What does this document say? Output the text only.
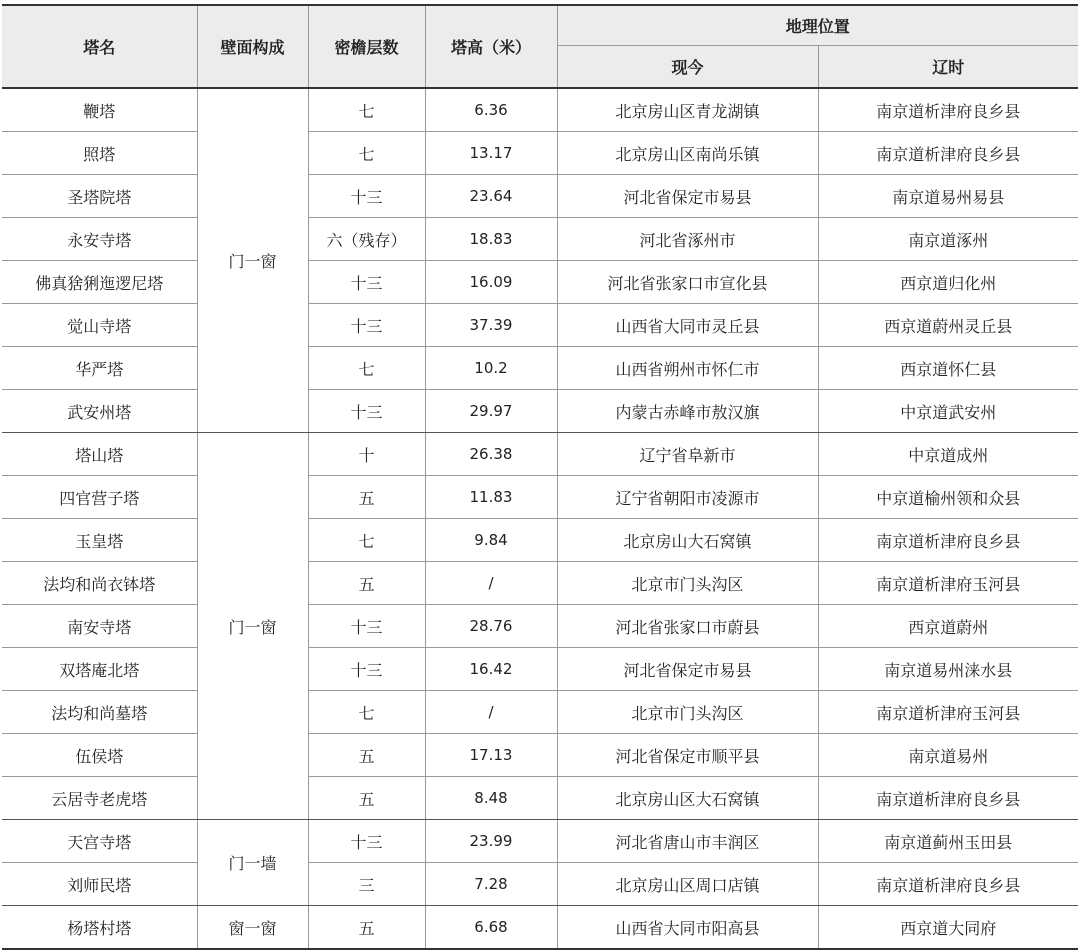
塔名	壁面构成	密檐层数	塔高（米）	地理位置	
				现今	辽时
鞭塔	门一窗	七	6.36	北京房山区青龙湖镇	南京道析津府良乡县
照塔		七	13.17	北京房山区南尚乐镇	南京道析津府良乡县
圣塔院塔		十三	23.64	河北省保定市易县	南京道易州易县
永安寺塔		六（残存）	18.83	河北省涿州市	南京道涿州
佛真猞猁迤逻尼塔		十三	16.09	河北省张家口市宣化县	西京道归化州
觉山寺塔		十三	37.39	山西省大同市灵丘县	西京道蔚州灵丘县
华严塔		七	10.2	山西省朔州市怀仁市	西京道怀仁县
武安州塔		十三	29.97	内蒙古赤峰市敖汉旗	中京道武安州
塔山塔	门一窗	十	26.38	辽宁省阜新市	中京道成州
四官营子塔		五	11.83	辽宁省朝阳市凌源市	中京道榆州领和众县
玉皇塔		七	9.84	北京房山大石窝镇	南京道析津府良乡县
法均和尚衣钵塔		五	/	北京市门头沟区	南京道析津府玉河县
南安寺塔		十三	28.76	河北省张家口市蔚县	西京道蔚州
双塔庵北塔		十三	16.42	河北省保定市易县	南京道易州涞水县
法均和尚墓塔		七	/	北京市门头沟区	南京道析津府玉河县
伍侯塔		五	17.13	河北省保定市顺平县	南京道易州
云居寺老虎塔		五	8.48	北京房山区大石窝镇	南京道析津府良乡县
天宫寺塔	门一墙	十三	23.99	河北省唐山市丰润区	南京道蓟州玉田县
刘师民塔		三	7.28	北京房山区周口店镇	南京道析津府良乡县
杨塔村塔	窗一窗	五	6.68	山西省大同市阳高县	西京道大同府
